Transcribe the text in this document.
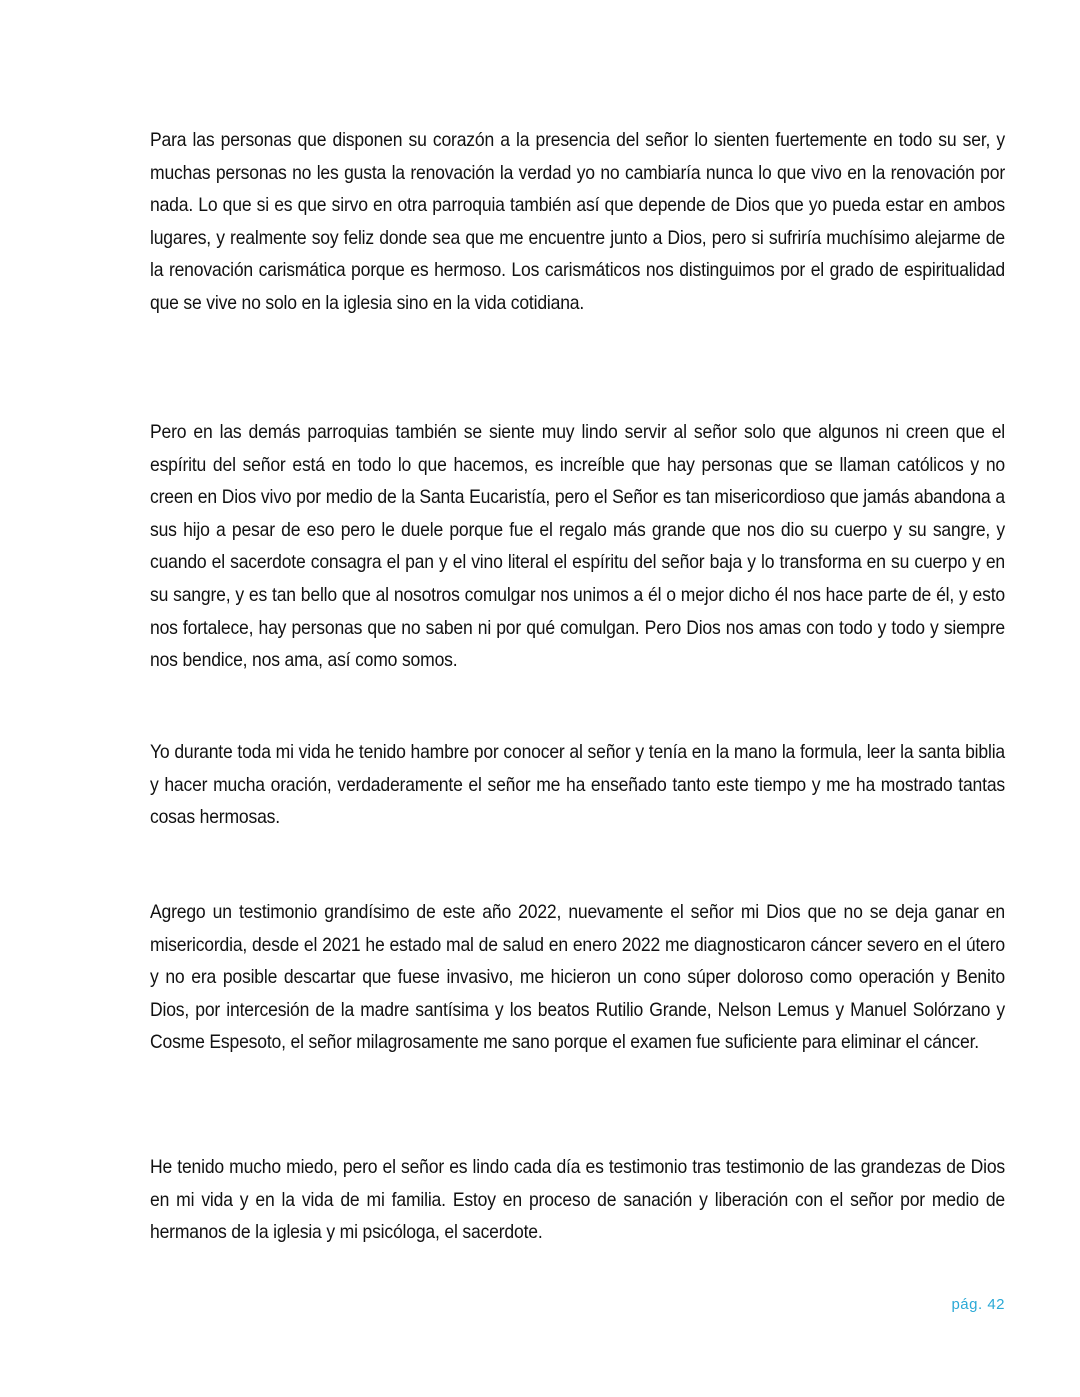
Para las personas que disponen su corazón a la presencia del señor lo sienten fuertemente en todo su ser, y muchas personas no les gusta la renovación la verdad yo no cambiaría nunca lo que vivo en la renovación por nada. Lo que si es que sirvo en otra parroquia también así que depende de Dios que yo pueda estar en ambos lugares, y realmente soy feliz donde sea que me encuentre junto a Dios, pero si sufriría muchísimo alejarme de la renovación carismática porque es hermoso. Los carismáticos nos distinguimos por el grado de espiritualidad que se vive no solo en la iglesia sino en la vida cotidiana.

Pero en las demás parroquias también se siente muy lindo servir al señor solo que algunos ni creen que el espíritu del señor está en todo lo que hacemos, es increíble que hay personas que se llaman católicos y no creen en Dios vivo por medio de la Santa Eucaristía, pero el Señor es tan misericordioso que jamás abandona a sus hijo a pesar de eso pero le duele porque fue el regalo más grande que nos dio su cuerpo y su sangre, y cuando el sacerdote consagra el pan y el vino literal el espíritu del señor baja y lo transforma en su cuerpo y en su sangre, y es tan bello que al nosotros comulgar nos unimos a él o mejor dicho él nos hace parte de él, y esto nos fortalece, hay personas que no saben ni por qué comulgan. Pero Dios nos amas con todo y todo y siempre nos bendice, nos ama, así como somos.

Yo durante toda mi vida he tenido hambre por conocer al señor y tenía en la mano la formula, leer la santa biblia y hacer mucha oración, verdaderamente el señor me ha enseñado tanto este tiempo y me ha mostrado tantas cosas hermosas.

Agrego un testimonio grandísimo de este año 2022, nuevamente el señor mi Dios que no se deja ganar en misericordia, desde el 2021 he estado mal de salud en enero 2022 me diagnosticaron cáncer severo en el útero y no era posible descartar que fuese invasivo, me hicieron un cono súper doloroso como operación y Benito Dios, por intercesión de la madre santísima y los beatos Rutilio Grande, Nelson Lemus y Manuel Solórzano y Cosme Espesoto, el señor milagrosamente me sano porque el examen fue suficiente para eliminar el cáncer.

He tenido mucho miedo, pero el señor es lindo cada día es testimonio tras testimonio de las grandezas de Dios en mi vida y en la vida de mi familia. Estoy en proceso de sanación y liberación con el señor por medio de hermanos de la iglesia y mi psicóloga, el sacerdote.

pág. 42
